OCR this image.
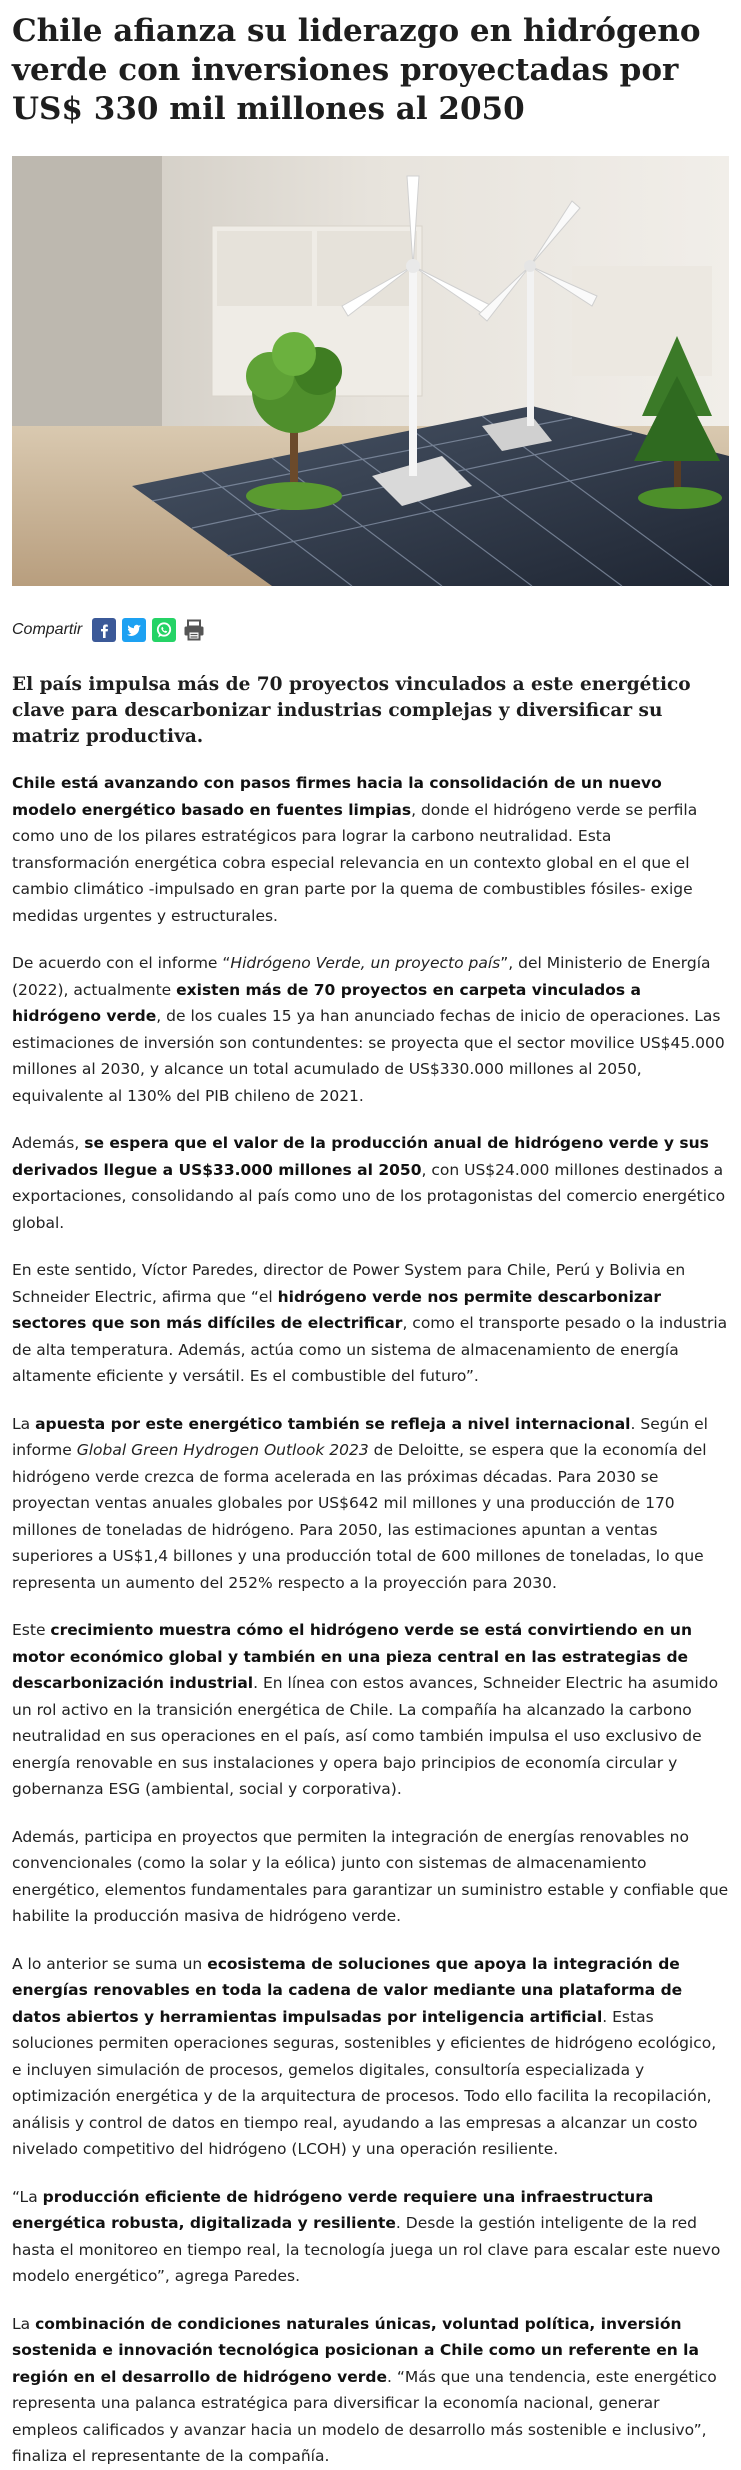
Chile afianza su liderazgo en hidrógeno verde con inversiones proyectadas por US$ 330 mil millones al 2050
Compartir

El país impulsa más de 70 proyectos vinculados a este energético clave para descarbonizar industrias complejas y diversificar su matriz productiva.

Chile está avanzando con pasos firmes hacia la consolidación de un nuevo modelo energético basado en fuentes limpias, donde el hidrógeno verde se perfila como uno de los pilares estratégicos para lograr la carbono neutralidad. Esta transformación energética cobra especial relevancia en un contexto global en el que el cambio climático -impulsado en gran parte por la quema de combustibles fósiles- exige medidas urgentes y estructurales.

De acuerdo con el informe “Hidrógeno Verde, un proyecto país”, del Ministerio de Energía (2022), actualmente existen más de 70 proyectos en carpeta vinculados a hidrógeno verde, de los cuales 15 ya han anunciado fechas de inicio de operaciones. Las estimaciones de inversión son contundentes: se proyecta que el sector movilice US$45.000 millones al 2030, y alcance un total acumulado de US$330.000 millones al 2050, equivalente al 130% del PIB chileno de 2021.

Además, se espera que el valor de la producción anual de hidrógeno verde y sus derivados llegue a US$33.000 millones al 2050, con US$24.000 millones destinados a exportaciones, consolidando al país como uno de los protagonistas del comercio energético global.

En este sentido, Víctor Paredes, director de Power System para Chile, Perú y Bolivia en Schneider Electric, afirma que “el hidrógeno verde nos permite descarbonizar sectores que son más difíciles de electrificar, como el transporte pesado o la industria de alta temperatura. Además, actúa como un sistema de almacenamiento de energía altamente eficiente y versátil. Es el combustible del futuro”.

La apuesta por este energético también se refleja a nivel internacional. Según el informe Global Green Hydrogen Outlook 2023 de Deloitte, se espera que la economía del hidrógeno verde crezca de forma acelerada en las próximas décadas. Para 2030 se proyectan ventas anuales globales por US$642 mil millones y una producción de 170 millones de toneladas de hidrógeno. Para 2050, las estimaciones apuntan a ventas superiores a US$1,4 billones y una producción total de 600 millones de toneladas, lo que representa un aumento del 252% respecto a la proyección para 2030.

Este crecimiento muestra cómo el hidrógeno verde se está convirtiendo en un motor económico global y también en una pieza central en las estrategias de descarbonización industrial. En línea con estos avances, Schneider Electric ha asumido un rol activo en la transición energética de Chile. La compañía ha alcanzado la carbono neutralidad en sus operaciones en el país, así como también impulsa el uso exclusivo de energía renovable en sus instalaciones y opera bajo principios de economía circular y gobernanza ESG (ambiental, social y corporativa).

Además, participa en proyectos que permiten la integración de energías renovables no convencionales (como la solar y la eólica) junto con sistemas de almacenamiento energético, elementos fundamentales para garantizar un suministro estable y confiable que habilite la producción masiva de hidrógeno verde.

A lo anterior se suma un ecosistema de soluciones que apoya la integración de energías renovables en toda la cadena de valor mediante una plataforma de datos abiertos y herramientas impulsadas por inteligencia artificial. Estas soluciones permiten operaciones seguras, sostenibles y eficientes de hidrógeno ecológico, e incluyen simulación de procesos, gemelos digitales, consultoría especializada y optimización energética y de la arquitectura de procesos. Todo ello facilita la recopilación, análisis y control de datos en tiempo real, ayudando a las empresas a alcanzar un costo nivelado competitivo del hidrógeno (LCOH) y una operación resiliente.

“La producción eficiente de hidrógeno verde requiere una infraestructura energética robusta, digitalizada y resiliente. Desde la gestión inteligente de la red hasta el monitoreo en tiempo real, la tecnología juega un rol clave para escalar este nuevo modelo energético”, agrega Paredes.

La combinación de condiciones naturales únicas, voluntad política, inversión sostenida e innovación tecnológica posicionan a Chile como un referente en la región en el desarrollo de hidrógeno verde. “Más que una tendencia, este energético representa una palanca estratégica para diversificar la economía nacional, generar empleos calificados y avanzar hacia un modelo de desarrollo más sostenible e inclusivo”, finaliza el representante de la compañía.
